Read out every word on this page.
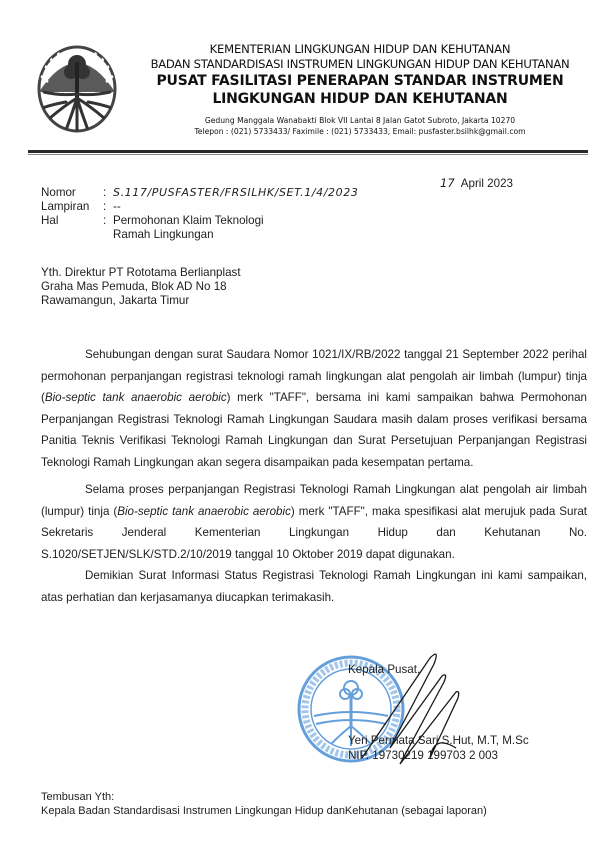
KEMENTERIAN LINGKUNGAN HIDUP DAN KEHUTANAN
BADAN STANDARDISASI INSTRUMEN LINGKUNGAN HIDUP DAN KEHUTANAN
PUSAT FASILITASI PENERAPAN STANDAR INSTRUMEN
LINGKUNGAN HIDUP DAN KEHUTANAN
Gedung Manggala Wanabakti Blok VII Lantai 8 Jalan Gatot Subroto, Jakarta 10270
Telepon : (021) 5733433/ Faximile : (021) 5733433, Email: pusfaster.bsilhk@gmail.com
17 April 2023
Nomor	: S.117/PUSFASTER/FRSILHK/SET.1/4/2023
Lampiran	: --
Hal	: Permohonan Klaim Teknologi
Ramah Lingkungan
Yth. Direktur PT Rototama Berlianplast
Graha Mas Pemuda, Blok AD No 18
Rawamangun, Jakarta Timur

Sehubungan dengan surat Saudara Nomor 1021/IX/RB/2022 tanggal 21 September 2022 perihal permohonan perpanjangan registrasi teknologi ramah lingkungan alat pengolah air limbah (lumpur) tinja (Bio-septic tank anaerobic aerobic) merk "TAFF", bersama ini kami sampaikan bahwa Permohonan Perpanjangan Registrasi Teknologi Ramah Lingkungan Saudara masih dalam proses verifikasi bersama Panitia Teknis Verifikasi Teknologi Ramah Lingkungan dan Surat Persetujuan Perpanjangan Registrasi Teknologi Ramah Lingkungan akan segera disampaikan pada kesempatan pertama.

Selama proses perpanjangan Registrasi Teknologi Ramah Lingkungan alat pengolah air limbah (lumpur) tinja (Bio-septic tank anaerobic aerobic) merk "TAFF", maka spesifikasi alat merujuk pada Surat Sekretaris Jenderal Kementerian Lingkungan Hidup dan Kehutanan No. S.1020/SETJEN/SLK/STD.2/10/2019 tanggal 10 Oktober 2019 dapat digunakan.

Demikian Surat Informasi Status Registrasi Teknologi Ramah Lingkungan ini kami sampaikan, atas perhatian dan kerjasamanya diucapkan terimakasih.

Kepala Pusat,
Yeri Permata Sari S.Hut, M.T, M.Sc
NIP. 19730219 199703 2 003
Tembusan Yth:
Kepala Badan Standardisasi Instrumen Lingkungan Hidup danKehutanan (sebagai laporan)
